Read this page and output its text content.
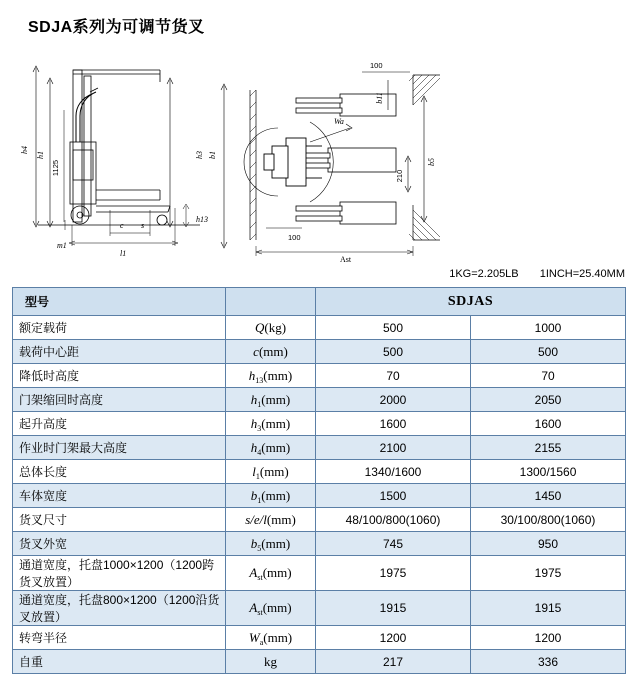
SDJA系列为可调节货叉
h4
h1	h3
h13
m1
c s
l1
b1
b5
b11
Wa
Ast
1125
100
100
210
1KG=2.205LB 1INCH=25.40MM
型号		SDJAS	
额定载荷	Q(kg)	500	1000
载荷中心距	c(mm)	500	500
降低时高度	$h_{13}(mm)$	70	70
门架缩回时高度	$h_1(mm)$	2000	2050
起升高度	$h_3(mm)$	1600	1600
作业时门架最大高度	$h_4(mm)$	2100	2155
总体长度	$l_1(mm)$	1340/1600	1300/1560
车体宽度	$b_1(mm)$	1500	1450
货叉尺寸	s/e/l(mm)	48/100/800(1060)	30/100/800(1060)
货叉外宽	$b_5(mm)$	745	950
通道宽度，托盘1000×1200（1200跨货叉放置）	$A_{st}(mm)$	1975	1975
通道宽度，托盘800×1200（1200沿货叉放置）	$A_{st}(mm)$	1915	1915
转弯半径	$W_a(mm)$	1200	1200
自重	kg	217	336
